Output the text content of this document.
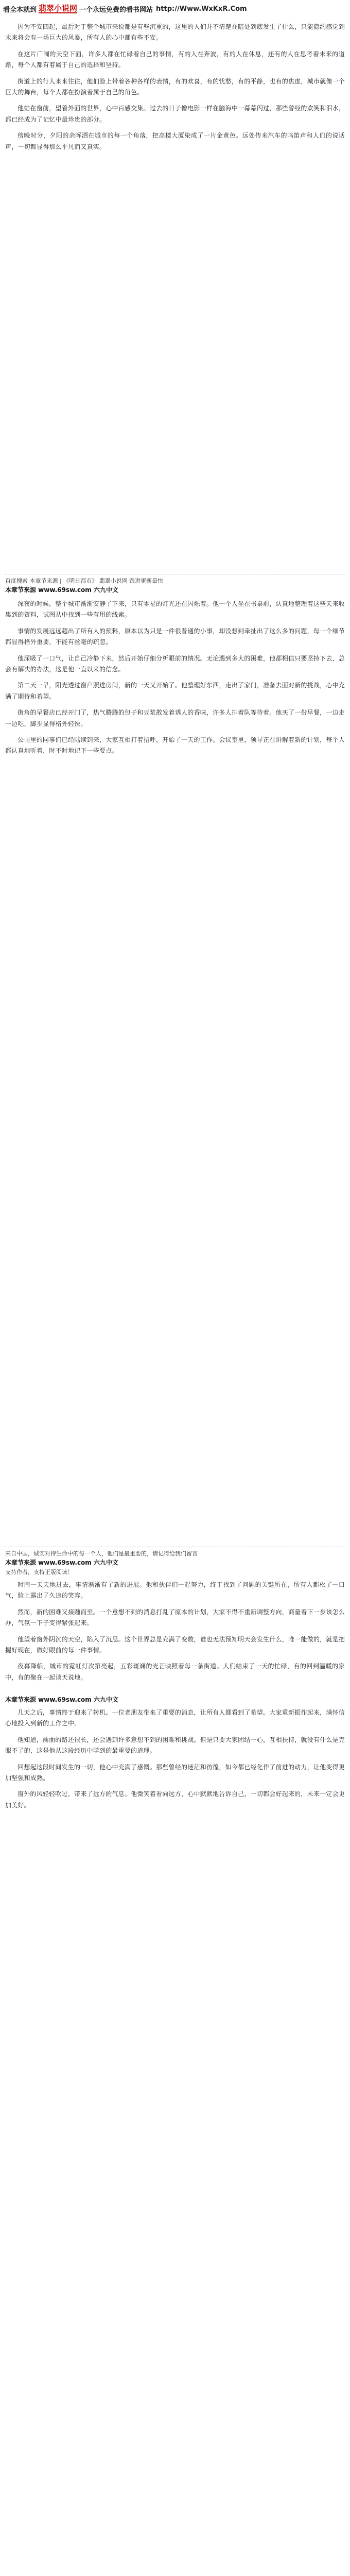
看全本就到 翡翠小说网 一个永远免费的看书网站 http://Www.WxKxR.Com

因为不安四起，最后对于整个城市来说都是有些沉重的，这里的人们并不清楚在暗处到底发生了什么，只能隐约感觉到未来将会有一场巨大的风暴，所有人的心中都有些不安。

在这片广阔的天空下面，许多人都在忙碌着自己的事情，有的人在奔波，有的人在休息，还有的人在思考着未来的道路，每个人都有着属于自己的选择和坚持。

街道上的行人来来往往，他们脸上带着各种各样的表情，有的欢喜，有的忧愁，有的平静，也有的焦虑，城市就像一个巨大的舞台，每个人都在扮演着属于自己的角色。

他站在窗前，望着外面的世界，心中百感交集。过去的日子像电影一样在脑海中一幕幕闪过，那些曾经的欢笑和泪水，都已经成为了记忆中最珍贵的部分。

傍晚时分，夕阳的余晖洒在城市的每一个角落，把高楼大厦染成了一片金黄色。远处传来汽车的鸣笛声和人们的说话声，一切都显得那么平凡而又真实。

百度搜索 本章节来源 | 《明日都市》 翡翠小说网 跟进更新最快
本章节来源 www.69sw.com 六九中文

深夜的时候，整个城市渐渐安静了下来，只有零星的灯光还在闪烁着。他一个人坐在书桌前，认真地整理着这些天来收集到的资料，试图从中找到一些有用的线索。

事情的发展远远超出了所有人的预料，原本以为只是一件很普通的小事，却没想到牵扯出了这么多的问题，每一个细节都显得格外重要，不能有丝毫的疏忽。

他深吸了一口气，让自己冷静下来，然后开始仔细分析眼前的情况。无论遇到多大的困难，他都相信只要坚持下去，总会有解决的办法，这是他一直以来的信念。

第二天一早，阳光透过窗户照进房间，新的一天又开始了。他整理好东西，走出了家门，准备去面对新的挑战，心中充满了期待和希望。

街角的早餐店已经开门了，热气腾腾的包子和豆浆散发着诱人的香味，许多人排着队等待着。他买了一份早餐，一边走一边吃，脚步显得格外轻快。

公司里的同事们已经陆续到来，大家互相打着招呼，开始了一天的工作。会议室里，领导正在讲解着新的计划，每个人都认真地听着，时不时地记下一些要点。

来自中国，诚实对待生命中的每一个人，他们是最重要的，请记得给我们留言
本章节来源 www.69sw.com 六九中文
支持作者，支持正版阅读！

时间一天天地过去，事情渐渐有了新的进展。他和伙伴们一起努力，终于找到了问题的关键所在，所有人都松了一口气，脸上露出了久违的笑容。

然而，新的困难又接踵而至。一个意想不到的消息打乱了原本的计划，大家不得不重新调整方向，商量着下一步该怎么办，气氛一下子变得紧张起来。

他望着窗外阴沉的天空，陷入了沉思。这个世界总是充满了变数，谁也无法预知明天会发生什么，唯一能做的，就是把握好现在，做好眼前的每一件事情。

夜幕降临，城市的霓虹灯次第亮起，五彩斑斓的光芒映照着每一条街道。人们结束了一天的忙碌，有的回到温暖的家中，有的聚在一起谈天说地。

本章节来源 www.69sw.com 六九中文

几天之后，事情终于迎来了转机。一位老朋友带来了重要的消息，让所有人都看到了希望。大家重新振作起来，满怀信心地投入到新的工作之中。

他知道，前面的路还很长，还会遇到许多意想不到的困难和挑战。但是只要大家团结一心，互相扶持，就没有什么是克服不了的，这是他从这段经历中学到的最重要的道理。

回想起这段时间发生的一切，他心中充满了感慨。那些曾经的迷茫和彷徨，如今都已经化作了前进的动力，让他变得更加坚强和成熟。

窗外的风轻轻吹过，带来了远方的气息。他微笑着看向远方，心中默默地告诉自己，一切都会好起来的，未来一定会更加美好。
